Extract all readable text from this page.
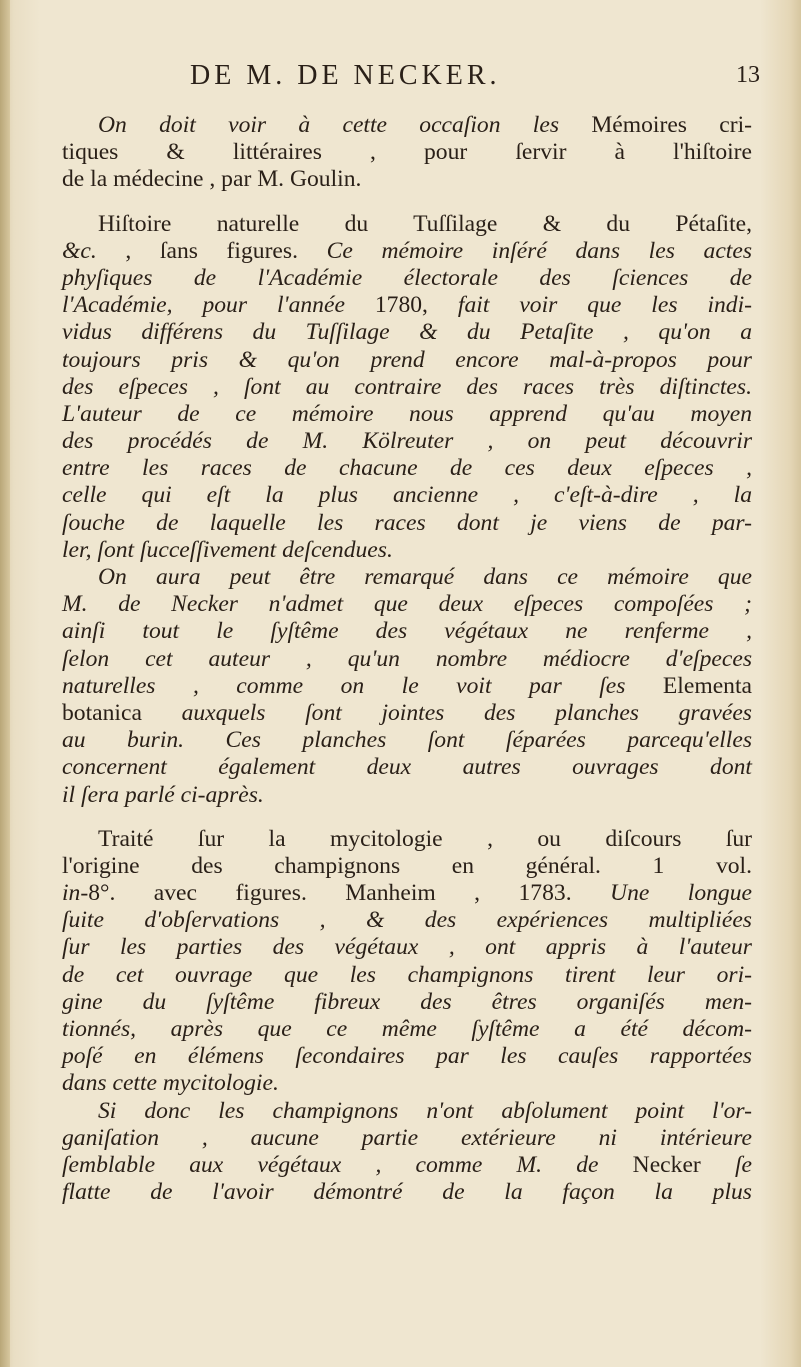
DE M. DE NECKER.	13
On doit voir à cette occaſion les Mémoires cri-
tiques & littéraires , pour ſervir à l'hiſtoire
de la médecine , par M. Goulin.
Hiſtoire naturelle du Tuſſilage & du Pétaſite,
&c. , ſans figures. Ce mémoire inſéré dans les actes
phyſiques de l'Académie électorale des ſciences de
l'Académie, pour l'année 1780, fait voir que les indi-
vidus différens du Tuſſilage & du Petaſite , qu'on a
toujours pris & qu'on prend encore mal-à-propos pour
des eſpeces , ſont au contraire des races très diſtinctes.
L'auteur de ce mémoire nous apprend qu'au moyen
des procédés de M. Kölreuter , on peut découvrir
entre les races de chacune de ces deux eſpeces ,
celle qui eſt la plus ancienne , c'eſt-à-dire , la
ſouche de laquelle les races dont je viens de par-
ler, ſont ſucceſſivement deſcendues.
On aura peut être remarqué dans ce mémoire que
M. de Necker n'admet que deux eſpeces compoſées ;
ainſi tout le ſyſtême des végétaux ne renferme ,
ſelon cet auteur , qu'un nombre médiocre d'eſpeces
naturelles , comme on le voit par ſes Elementa
botanica auxquels ſont jointes des planches gravées
au burin. Ces planches ſont ſéparées parcequ'elles
concernent également deux autres ouvrages dont
il ſera parlé ci-après.
Traité ſur la mycitologie , ou diſcours ſur
l'origine des champignons en général. 1 vol.
in-8°. avec figures. Manheim , 1783. Une longue
ſuite d'obſervations , & des expériences multipliées
ſur les parties des végétaux , ont appris à l'auteur
de cet ouvrage que les champignons tirent leur ori-
gine du ſyſtême fibreux des êtres organiſés men-
tionnés, après que ce même ſyſtême a été décom-
poſé en élémens ſecondaires par les cauſes rapportées
dans cette mycitologie.
Si donc les champignons n'ont abſolument point l'or-
ganiſation , aucune partie extérieure ni intérieure
ſemblable aux végétaux , comme M. de Necker ſe
flatte de l'avoir démontré de la façon la plus
